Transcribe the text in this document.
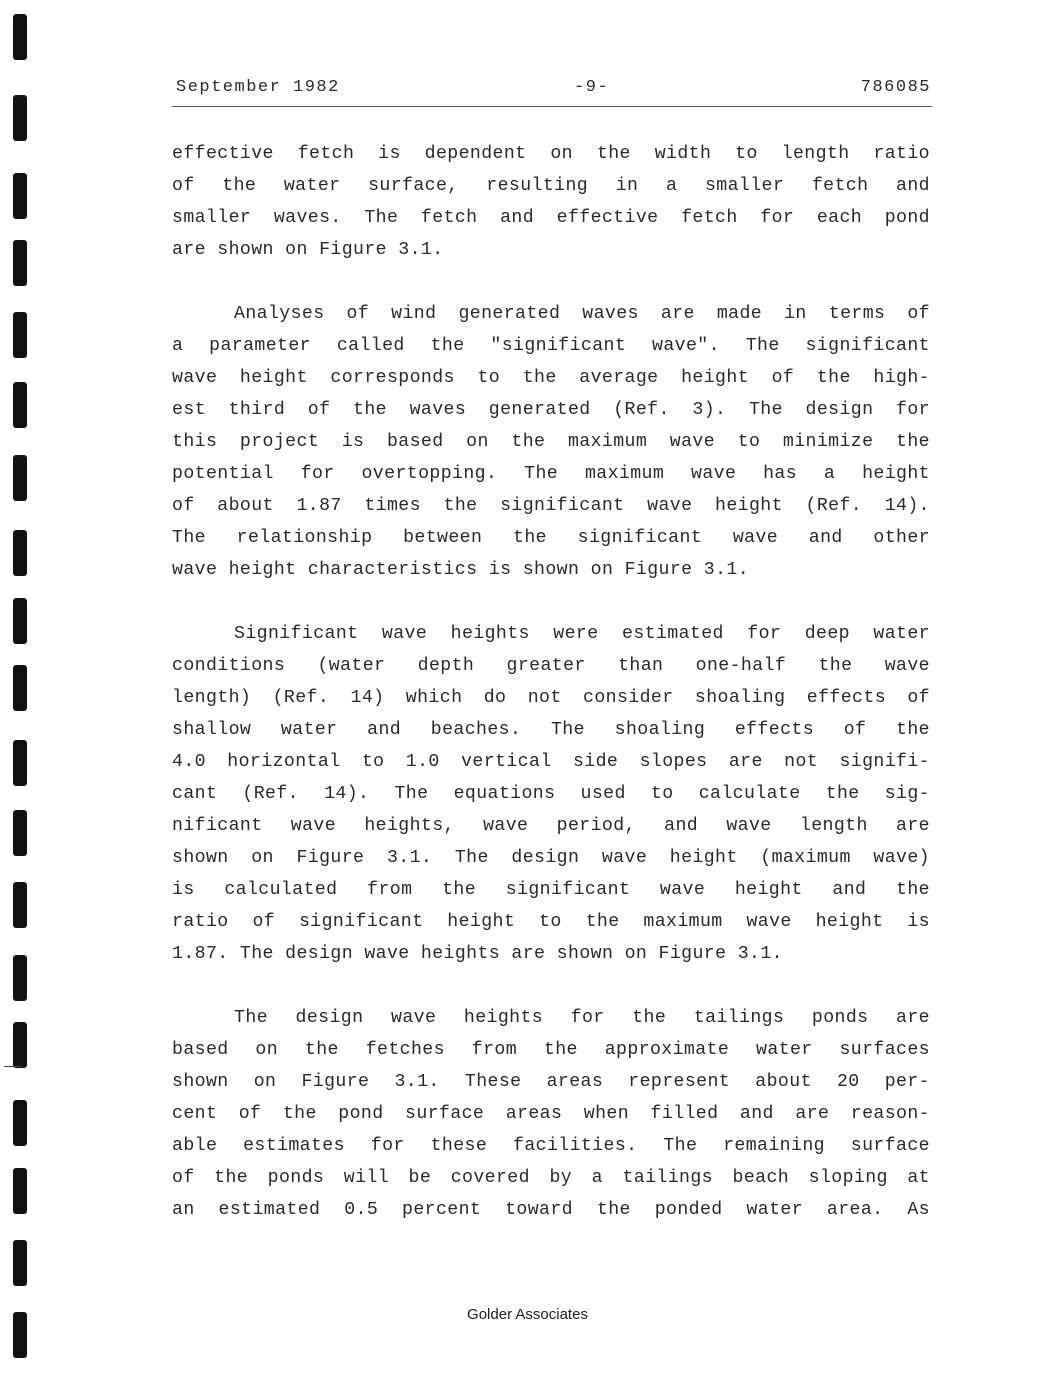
September 1982	-9-	786085
effective fetch is dependent on the width to length ratio
of the water surface, resulting in a smaller fetch and
smaller waves. The fetch and effective fetch for each pond
are shown on Figure 3.1.
Analyses of wind generated waves are made in terms of
a parameter called the "significant wave". The significant
wave height corresponds to the average height of the high-
est third of the waves generated (Ref. 3). The design for
this project is based on the maximum wave to minimize the
potential for overtopping. The maximum wave has a height
of about 1.87 times the significant wave height (Ref. 14).
The relationship between the significant wave and other
wave height characteristics is shown on Figure 3.1.
Significant wave heights were estimated for deep water
conditions (water depth greater than one-half the wave
length) (Ref. 14) which do not consider shoaling effects of
shallow water and beaches. The shoaling effects of the
4.0 horizontal to 1.0 vertical side slopes are not signifi-
cant (Ref. 14). The equations used to calculate the sig-
nificant wave heights, wave period, and wave length are
shown on Figure 3.1. The design wave height (maximum wave)
is calculated from the significant wave height and the
ratio of significant height to the maximum wave height is
1.87. The design wave heights are shown on Figure 3.1.
The design wave heights for the tailings ponds are
based on the fetches from the approximate water surfaces
shown on Figure 3.1. These areas represent about 20 per-
cent of the pond surface areas when filled and are reason-
able estimates for these facilities. The remaining surface
of the ponds will be covered by a tailings beach sloping at
an estimated 0.5 percent toward the ponded water area. As
Golder Associates
